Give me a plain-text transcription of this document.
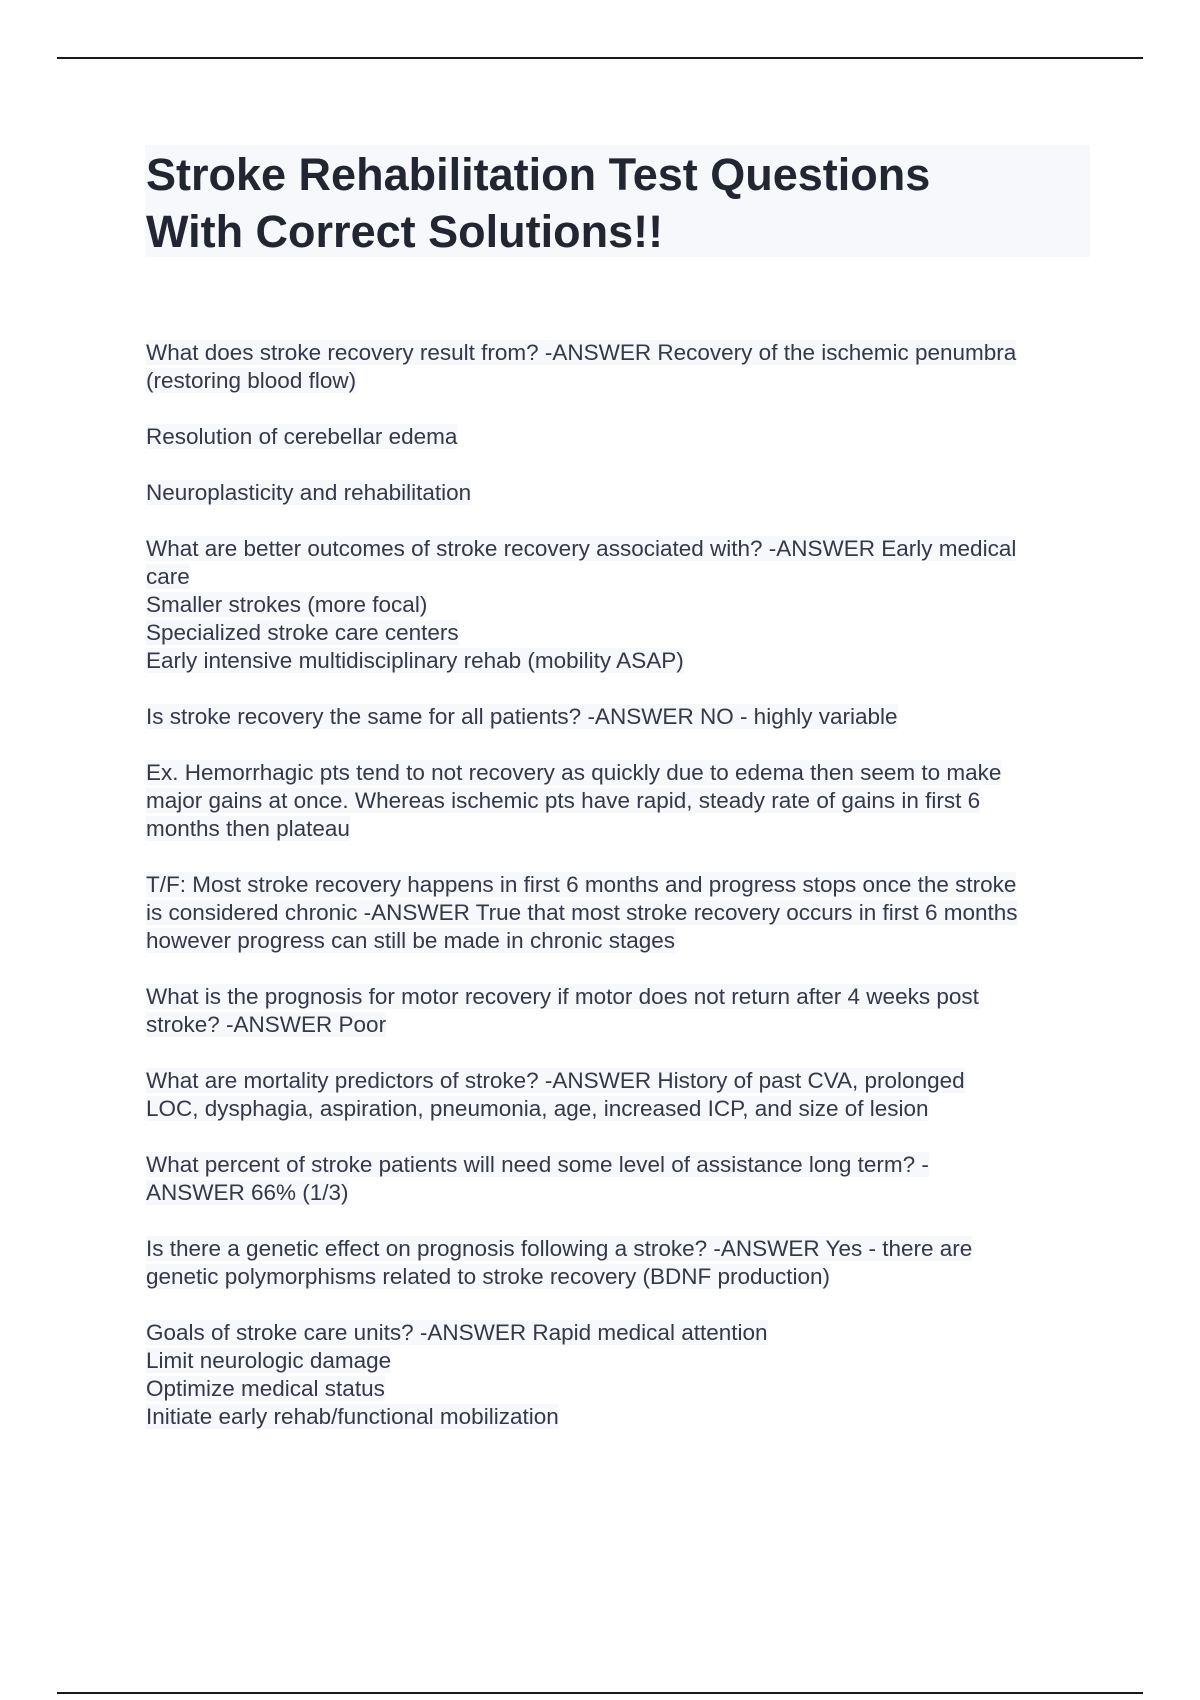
Stroke Rehabilitation Test Questions
With Correct Solutions!!
What does stroke recovery result from? -ANSWER Recovery of the ischemic penumbra
(restoring blood flow)
Resolution of cerebellar edema
Neuroplasticity and rehabilitation
What are better outcomes of stroke recovery associated with? -ANSWER Early medical
care
Smaller strokes (more focal)
Specialized stroke care centers
Early intensive multidisciplinary rehab (mobility ASAP)
Is stroke recovery the same for all patients? -ANSWER NO - highly variable
Ex. Hemorrhagic pts tend to not recovery as quickly due to edema then seem to make
major gains at once. Whereas ischemic pts have rapid, steady rate of gains in first 6
months then plateau
T/F: Most stroke recovery happens in first 6 months and progress stops once the stroke
is considered chronic -ANSWER True that most stroke recovery occurs in first 6 months
however progress can still be made in chronic stages
What is the prognosis for motor recovery if motor does not return after 4 weeks post
stroke? -ANSWER Poor
What are mortality predictors of stroke? -ANSWER History of past CVA, prolonged
LOC, dysphagia, aspiration, pneumonia, age, increased ICP, and size of lesion
What percent of stroke patients will need some level of assistance long term? -
ANSWER 66% (1/3)
Is there a genetic effect on prognosis following a stroke? -ANSWER Yes - there are
genetic polymorphisms related to stroke recovery (BDNF production)
Goals of stroke care units? -ANSWER Rapid medical attention
Limit neurologic damage
Optimize medical status
Initiate early rehab/functional mobilization
